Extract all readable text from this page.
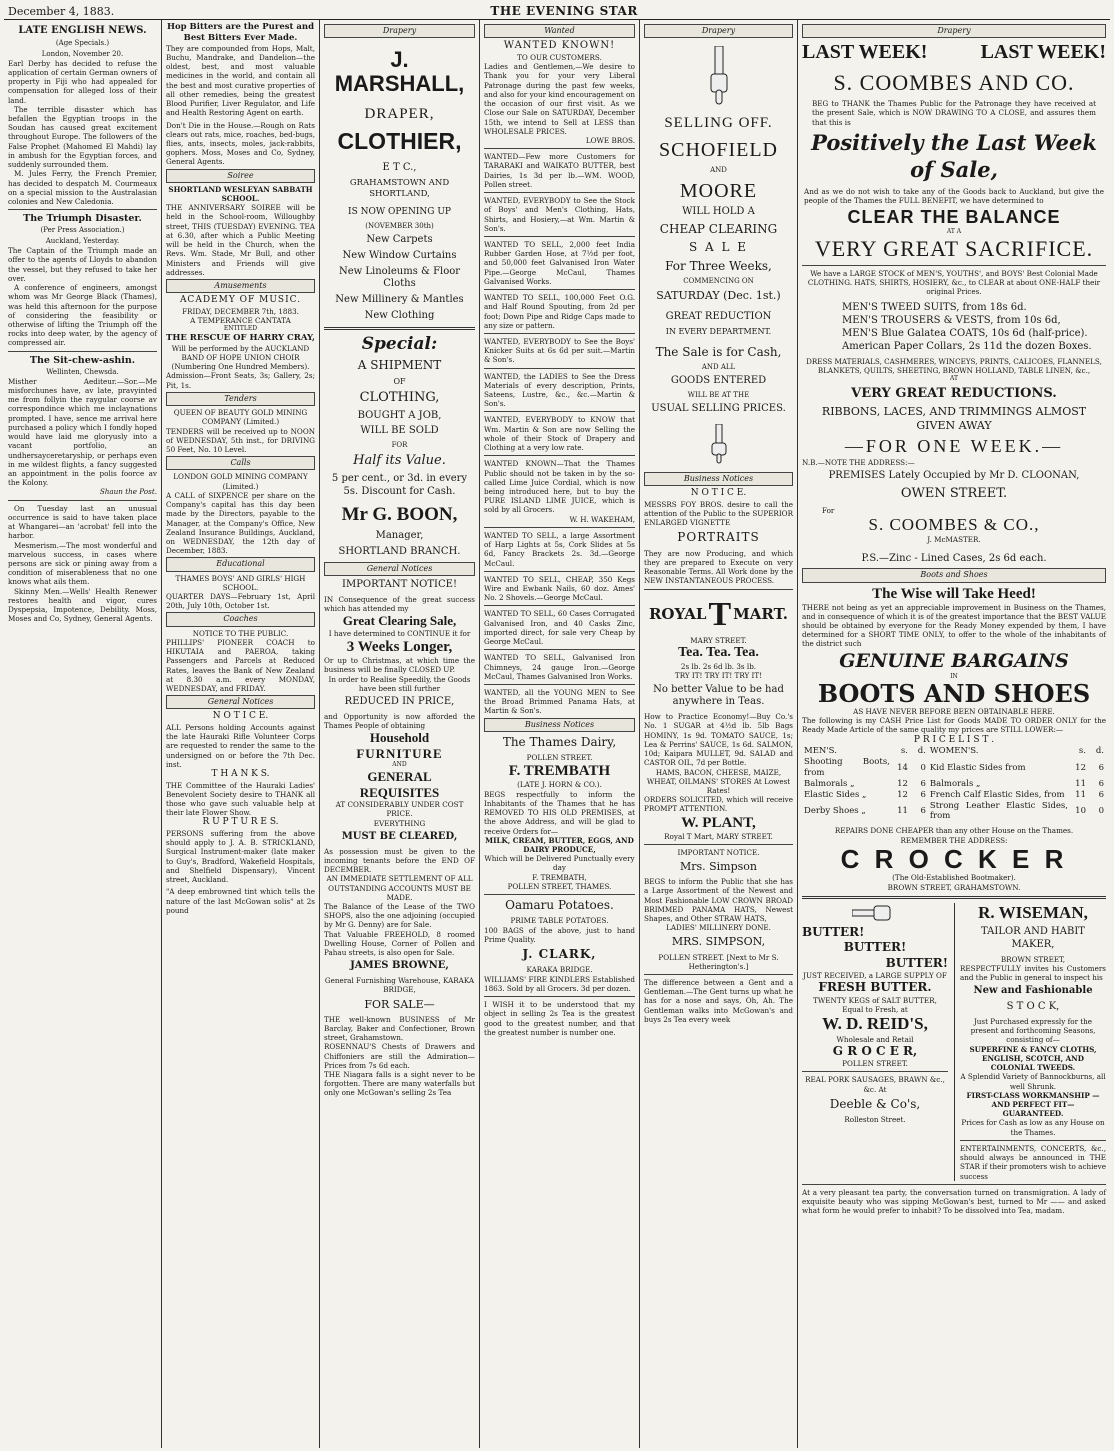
December 4, 1883.	THE EVENING STAR
LATE ENGLISH NEWS.
(Age Specials.)
London, November 20.

Earl Derby has decided to refuse the application of certain German owners of property in Fiji who had appealed for compensation for alleged loss of their land.

The terrible disaster which has befallen the Egyptian troops in the Soudan has caused great excitement throughout Europe. The followers of the False Prophet (Mahomed El Mahdi) lay in ambush for the Egyptian forces, and suddenly surrounded them.

M. Jules Ferry, the French Premier, has decided to despatch M. Courmeaux on a special mission to the Australasian colonies and New Caledonia.

The Triumph Disaster.
(Per Press Association.)
Auckland, Yesterday.

The Captain of the Triumph made an offer to the agents of Lloyds to abandon the vessel, but they refused to take her over.

A conference of engineers, amongst whom was Mr George Black (Thames), was held this afternoon for the purpose of considering the feasibility or otherwise of lifting the Triumph off the rocks into deep water, by the agency of compressed air.

The Sit-chew-ashin.
Wellinten, Chewsda.

Misther Aediteur.—Sor.—Me misforchunes have, av late, pravyinted me from follyin the raygular coorse av correspondince which me inclaynations prompted. I have, sence me arrival here purchased a policy which I fondly hoped would have laid me gloryusly into a vacant portfolio, an undhersayceretaryship, or perhaps even in me wildest flights, a fancy suggested an appointment in the polis foorce av the Kolony.

Shaun the Post.

On Tuesday last an unusual occurrence is said to have taken place at Whangarei—an 'acrobat' fell into the harbor.

Mesmerism.—The most wonderful and marvelous success, in cases where persons are sick or pining away from a condition of miserableness that no one knows what ails them.

Skinny Men.—Wells' Health Renewer restores health and vigor, cures Dyspepsia, Impotence, Debility. Moss, Moses and Co, Sydney, General Agents.

Hop Bitters are the Purest and Best Bitters Ever Made.

They are compounded from Hops, Malt, Buchu, Mandrake, and Dandelion—the oldest, best, and most valuable medicines in the world, and contain all the best and most curative properties of all other remedies, being the greatest Blood Purifier, Liver Regulator, and Life and Health Restoring Agent on earth.

Don't Die in the House.—Rough on Rats clears out rats, mice, roaches, bed-bugs, flies, ants, insects, moles, jack-rabbits, gophers. Moss, Moses and Co, Sydney, General Agents.

Soiree
SHORTLAND WESLEYAN SABBATH SCHOOL.

THE ANNIVERSARY SOIREE will be held in the School-room, Willoughby street, THIS (TUESDAY) EVENING. TEA at 6.30, after which a Public Meeting will be held in the Church, when the Revs. Wm. Stade, Mr Bull, and other Ministers and Friends will give addresses.

Amusements
ACADEMY OF MUSIC.
FRIDAY, DECEMBER 7th, 1883.
A TEMPERANCE CANTATA
ENTITLED
THE RESCUE OF HARRY CRAY,

Will be performed by the AUCKLAND BAND OF HOPE UNION CHOIR (Numbering One Hundred Members).

Admission—Front Seats, 3s; Gallery, 2s; Pit, 1s.

Tenders
QUEEN OF BEAUTY GOLD MINING COMPANY (Limited.)

TENDERS will be received up to NOON of WEDNESDAY, 5th inst., for DRIVING 50 Feet, No. 10 Level.

Calls
LONDON GOLD MINING COMPANY (Limited.)

A CALL of SIXPENCE per share on the Company's capital has this day been made by the Directors, payable to the Manager, at the Company's Office, New Zealand Insurance Buildings, Auckland, on WEDNESDAY, the 12th day of December, 1883.

Educational
THAMES BOYS' AND GIRLS' HIGH SCHOOL.

QUARTER DAYS—February 1st, April 20th, July 10th, October 1st.

Coaches
NOTICE TO THE PUBLIC.

PHILLIPS' PIONEER COACH to HIKUTAIA and PAEROA, taking Passengers and Parcels at Reduced Rates, leaves the Bank of New Zealand at 8.30 a.m. every MONDAY, WEDNESDAY, and FRIDAY.

General Notices
N O T I C E.

ALL Persons holding Accounts against the late Hauraki Rifle Volunteer Corps are requested to render the same to the undersigned on or before the 7th Dec. inst.

T H A N K S.

THE Committee of the Hauraki Ladies' Benevolent Society desire to THANK all those who gave such valuable help at their late Flower Show.

R U P T U R E S.

PERSONS suffering from the above should apply to J. A. B. STRICKLAND, Surgical Instrument-maker (late maker to Guy's, Bradford, Wakefield Hospitals, and Shelfield Dispensary), Vincent street, Auckland.

"A deep embrowned tint which tells the nature of the last McGowan solis" at 2s pound

Drapery
J. MARSHALL,
DRAPER,
CLOTHIER,
E T C.,
GRAHAMSTOWN AND SHORTLAND,
IS NOW OPENING UP
(NOVEMBER 30th)
New Carpets
New Window Curtains
New Linoleums & Floor Cloths
New Millinery & Mantles
New Clothing
Special:
A SHIPMENT
OF
CLOTHING,
BOUGHT A JOB,
WILL BE SOLD
FOR
Half its Value.
5 per cent., or 3d. in every 5s. Discount for Cash.
Mr G. BOON,
Manager,
SHORTLAND BRANCH.
General Notices
IMPORTANT NOTICE!

IN Consequence of the great success which has attended my

Great Clearing Sale,

I have determined to CONTINUE it for

3 Weeks Longer,

Or up to Christmas, at which time the business will be finally CLOSED UP.

In order to Realise Speedily, the Goods have been still further

REDUCED IN PRICE,

and Opportunity is now afforded the Thames People of obtaining

Household
FURNITURE
AND
GENERAL
REQUISITES
AT CONSIDERABLY UNDER COST PRICE.
EVERYTHING
MUST BE CLEARED,

As possession must be given to the incoming tenants before the END OF DECEMBER.

AN IMMEDIATE SETTLEMENT OF ALL OUTSTANDING ACCOUNTS MUST BE MADE.

The Balance of the Lease of the TWO SHOPS, also the one adjoining (occupied by Mr G. Denny) are for Sale.

That Valuable FREEHOLD, 8 roomed Dwelling House, Corner of Pollen and Pahau streets, is also open for Sale.

JAMES BROWNE,
General Furnishing Warehouse, KARAKA BRIDGE,
FOR SALE—

THE well-known BUSINESS of Mr Barclay, Baker and Confectioner, Brown street, Grahamstown.

ROSENNAU'S Chests of Drawers and Chiffoniers are still the Admiration—Prices from 7s 6d each.

THE Niagara falls is a sight never to be forgotten. There are many waterfalls but only one McGowan's selling 2s Tea

Wanted
WANTED KNOWN!
TO OUR CUSTOMERS.

Ladies and Gentlemen,—We desire to Thank you for your very Liberal Patronage during the past few weeks, and also for your kind encouragement on the occasion of our first visit. As we Close our Sale on SATURDAY, December 15th, we intend to Sell at LESS than WHOLESALE PRICES.

LOWE BROS.

WANTED—Few more Customers for TARARAKI and WAIKATO BUTTER, best Dairies, 1s 3d per lb.—WM. WOOD, Pollen street.

WANTED, EVERYBODY to See the Stock of Boys' and Men's Clothing, Hats, Shirts, and Hosiery,—at Wm. Martin & Son's.

WANTED TO SELL, 2,000 feet India Rubber Garden Hose, at 7½d per foot, and 50,000 feet Galvanised Iron Water Pipe.—George McCaul, Thames Galvanised Works.

WANTED TO SELL, 100,000 Feet O.G. and Half Round Spouting, from 2d per foot; Down Pipe and Ridge Caps made to any size or pattern.

WANTED, EVERYBODY to See the Boys' Knicker Suits at 6s 6d per suit.—Martin & Son's.

WANTED, the LADIES to See the Dress Materials of every description, Prints, Sateens, Lustre, &c., &c.—Martin & Son's.

WANTED, EVERYBODY to KNOW that Wm. Martin & Son are now Selling the whole of their Stock of Drapery and Clothing at a very low rate.

WANTED KNOWN—That the Thames Public should not be taken in by the so-called Lime Juice Cordial, which is now being introduced here, but to buy the PURE ISLAND LIME JUICE, which is sold by all Grocers.

W. H. WAKEHAM,

WANTED TO SELL, a large Assortment of Harp Lights at 5s, Cork Slides at 5s 6d, Fancy Brackets 2s. 3d.—George McCaul.

WANTED TO SELL, CHEAP, 350 Kegs Wire and Ewbank Nails, 60 doz. Ames' No. 2 Shovels.—George McCaul.

WANTED TO SELL, 60 Cases Corrugated Galvanised Iron, and 40 Casks Zinc, imported direct, for sale very Cheap by George McCaul.

WANTED TO SELL, Galvanised Iron Chimneys, 24 gauge Iron.—George McCaul, Thames Galvanised Iron Works.

WANTED, all the YOUNG MEN to See the Broad Brimmed Panama Hats, at Martin & Son's.

Business Notices
The Thames Dairy,
POLLEN STREET.
F. TREMBATH
(LATE J. HORN & CO.).

BEGS respectfully to inform the Inhabitants of the Thames that he has REMOVED TO HIS OLD PREMISES, at the above Address, and will be glad to receive Orders for—

MILK, CREAM, BUTTER, EGGS, AND DAIRY PRODUCE,
Which will be Delivered Punctually every day
F. TREMBATH,
POLLEN STREET, THAMES.
Oamaru Potatoes.
PRIME TABLE POTATOES.

100 BAGS of the above, just to hand Prime Quality.

J. CLARK,
KARAKA BRIDGE.

WILLIAMS' FIRE KINDLERS Established 1863. Sold by all Grocers. 3d per dozen.

I WISH it to be understood that my object in selling 2s Tea is the greatest good to the greatest number, and that the greatest number is number one.

Drapery
SELLING OFF.
SCHOFIELD
AND
MOORE
WILL HOLD A
CHEAP CLEARING
S A L E
For Three Weeks,
COMMENCING ON
SATURDAY (Dec. 1st.)
GREAT REDUCTION
IN EVERY DEPARTMENT.
The Sale is for Cash,
AND ALL
GOODS ENTERED
WILL BE AT THE
USUAL SELLING PRICES.
Business Notices
N O T I C E.

MESSRS FOY BROS. desire to call the attention of the Public to the SUPERIOR ENLARGED VIGNETTE

PORTRAITS

They are now Producing, and which they are prepared to Execute on very Reasonable Terms. All Work done by the NEW INSTANTANEOUS PROCESS.

ROYAL T MART.
MARY STREET.
Tea. Tea. Tea.
2s lb. 2s 6d lb. 3s lb.
TRY IT! TRY IT! TRY IT!
No better Value to be had anywhere in Teas.

How to Practice Economy!—Buy Co.'s No. 1 SUGAR at 4½d lb. 5lb Bags HOMINY, 1s 9d. TOMATO SAUCE, 1s; Lea & Perrins' SAUCE, 1s 6d. SALMON, 10d; Kaipara MULLET, 9d. SALAD and CASTOR OIL, 7d per Bottle.

HAMS, BACON, CHEESE, MAIZE, WHEAT, OILMANS' STORES At Lowest Rates!

ORDERS SOLICITED, which will receive PROMPT ATTENTION.

W. PLANT,
Royal T Mart, MARY STREET.
IMPORTANT NOTICE.
Mrs. Simpson

BEGS to inform the Public that she has a Large Assortment of the Newest and Most Fashionable LOW CROWN BROAD BRIMMED PANAMA HATS, Newest Shapes, and Other STRAW HATS,

LADIES' MILLINERY DONE.
MRS. SIMPSON,
POLLEN STREET. [Next to Mr S. Hetherington's.]

The difference between a Gent and a Gentleman.—The Gent turns up what he has for a nose and says, Oh, Ah. The Gentleman walks into McGowan's and buys 2s Tea every week

Drapery
LAST WEEK!	LAST WEEK!
S. COOMBES AND CO.

BEG to THANK the Thames Public for the Patronage they have received at the present Sale, which is NOW DRAWING TO A CLOSE, and assures them that this is

Positively the Last Week
of Sale,

And as we do not wish to take any of the Goods back to Auckland, but give the people of the Thames the FULL BENEFIT, we have determined to

CLEAR THE BALANCE
AT A
VERY GREAT SACRIFICE.

We have a LARGE STOCK of MEN'S, YOUTHS', and BOYS' Best Colonial Made CLOTHING. HATS, SHIRTS, HOSIERY, &c., to CLEAR at about ONE-HALF their original Prices.

MEN'S TWEED SUITS, from 18s 6d.
MEN'S TROUSERS & VESTS, from 10s 6d,
MEN'S Blue Galatea COATS, 10s 6d (half-price).
American Paper Collars, 2s 11d the dozen Boxes.

DRESS MATERIALS, CASHMERES, WINCEYS, PRINTS, CALICOES, FLANNELS, BLANKETS, QUILTS, SHEETING, BROWN HOLLAND, TABLE LINEN, &c.,

AT
VERY GREAT REDUCTIONS.
RIBBONS, LACES, AND TRIMMINGS ALMOST GIVEN AWAY
—FOR ONE WEEK.—
N.B.—NOTE THE ADDRESS:—
PREMISES Lately Occupied by Mr D. CLOONAN,
OWEN STREET.
For
S. COOMBES & CO.,
J. McMASTER.
P.S.—Zinc - Lined Cases, 2s 6d each.
Boots and Shoes
The Wise will Take Heed!

THERE not being as yet an appreciable improvement in Business on the Thames, and in consequence of which it is of the greatest importance that the BEST VALUE should be obtained by everyone for the Ready Money expended by them, I have determined for a SHORT TIME ONLY, to offer to the whole of the inhabitants of the district such

GENUINE BARGAINS
IN
BOOTS AND SHOES
AS HAVE NEVER BEFORE BEEN OBTAINABLE HERE.

The following is my CASH Price List for Goods MADE TO ORDER ONLY for the Ready Made Article of the same quality my prices are STILL LOWER:—

P R I C E L I S T .
MEN'S.	s.	d.	WOMEN'S.	s.	d.
Shooting Boots, from	14	0	Kid Elastic Sides from	12	6
Balmorals „	12	6	Balmorals „	11	6
Elastic Sides „	12	6	French Calf Elastic Sides, from	11	6
Derby Shoes „	11	6	Strong Leather Elastic Sides, from	10	0
REPAIRS DONE CHEAPER than any other House on the Thames.
REMEMBER THE ADDRESS:
C R O C K E R
(The Old-Established Bootmaker).
BROWN STREET, GRAHAMSTOWN.
BUTTER!
BUTTER!
BUTTER!
JUST RECEIVED, a LARGE SUPPLY OF
FRESH BUTTER.
TWENTY KEGS of SALT BUTTER, Equal to Fresh, at
W. D. REID'S,
Wholesale and Retail
G R O C E R,
POLLEN STREET.
REAL PORK SAUSAGES, BRAWN &c., &c. At
Deeble & Co's,
Rolleston Street.
R. WISEMAN,
TAILOR AND HABIT MAKER,
BROWN STREET,

RESPECTFULLY invites his Customers and the Public in general to inspect his

New and Fashionable
S T O C K,

Just Purchased expressly for the present and forthcoming Seasons, consisting of—

SUPERFINE & FANCY CLOTHS, ENGLISH, SCOTCH, AND COLONIAL TWEEDS.
A Splendid Variety of Bannockburns, all well Shrunk.
FIRST-CLASS WORKMANSHIP — AND PERFECT FIT— GUARANTEED.
Prices for Cash as low as any House on the Thames.

ENTERTAINMENTS, CONCERTS, &c., should always be announced in THE STAR if their promoters wish to achieve success

At a very pleasant tea party, the conversation turned on transmigration. A lady of exquisite beauty who was sipping McGowan's best, turned to Mr —— and asked what form he would prefer to inhabit? To be dissolved into Tea, madam.
